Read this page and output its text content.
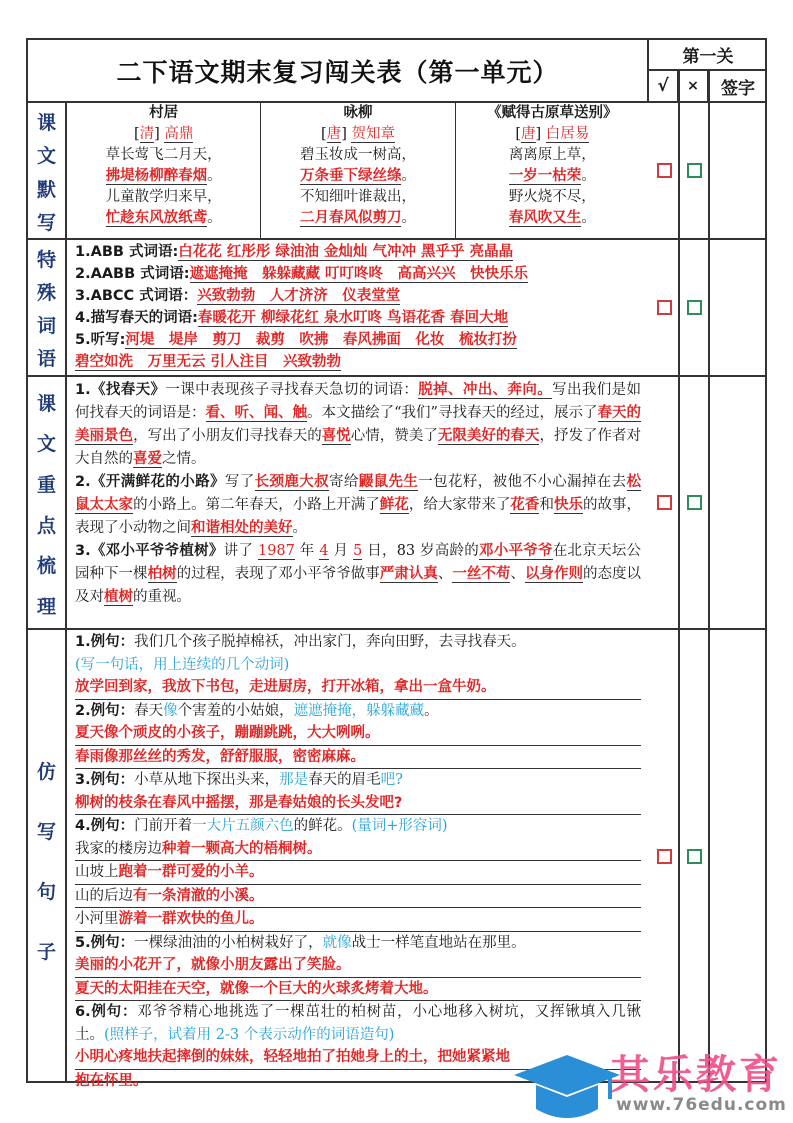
二下语文期末复习闯关表（第一单元）
第一关
√	×	签字
课
文
默
写
村居
[清] 高鼎
草长莺飞二月天，
拂堤杨柳醉春烟。
儿童散学归来早，
忙趁东风放纸鸢。
咏柳
[唐] 贺知章
碧玉妆成一树高，
万条垂下绿丝绦。
不知细叶谁裁出，
二月春风似剪刀。
《赋得古原草送别》
[唐] 白居易
离离原上草，
一岁一枯荣。
野火烧不尽，
春风吹又生。
特
殊
词
语
1.ABB 式词语:白花花 红彤彤 绿油油 金灿灿 气冲冲 黑乎乎 亮晶晶
2.AABB 式词语:遮遮掩掩　躲躲藏藏 叮叮咚咚　高高兴兴　快快乐乐
3.ABCC 式词语：兴致勃勃　人才济济　仪表堂堂
4.描写春天的词语:春暖花开 柳绿花红 泉水叮咚 鸟语花香 春回大地
5.听写:河堤　堤岸　剪刀　裁剪　吹拂　春风拂面　化妆　梳妆打扮
碧空如洗　万里无云 引人注目　兴致勃勃
课
文
重
点
梳
理
1.《找春天》一课中表现孩子寻找春天急切的词语：脱掉、冲出、奔向。写出我们是如何找春天的词语是：看、听、闻、触。本文描绘了“我们”寻找春天的经过，展示了春天的美丽景色，写出了小朋友们寻找春天的喜悦心情，赞美了无限美好的春天，抒发了作者对大自然的喜爱之情。
2.《开满鲜花的小路》写了长颈鹿大叔寄给鼹鼠先生一包花籽，被他不小心漏掉在去松鼠太太家的小路上。第二年春天，小路上开满了鲜花，给大家带来了花香和快乐的故事，表现了小动物之间和谐相处的美好。
3.《邓小平爷爷植树》讲了 1987 年 4 月 5 日，83 岁高龄的邓小平爷爷在北京天坛公园种下一棵柏树的过程，表现了邓小平爷爷做事严肃认真、一丝不苟、以身作则的态度以及对植树的重视。
仿
写
句
子
1.例句：我们几个孩子脱掉棉袄，冲出家门，奔向田野，去寻找春天。
(写一句话，用上连续的几个动词)
放学回到家，我放下书包，走进厨房，打开冰箱，拿出一盒牛奶。
2.例句：春天像个害羞的小姑娘，遮遮掩掩，躲躲藏藏。
夏天像个顽皮的小孩子，蹦蹦跳跳，大大咧咧。
春雨像那丝丝的秀发，舒舒服服，密密麻麻。
3.例句：小草从地下探出头来，那是春天的眉毛吧?
柳树的枝条在春风中摇摆，那是春姑娘的长头发吧?
4.例句：门前开着一大片五颜六色的鲜花。(量词+形容词)
我家的楼房边种着一颗高大的梧桐树。
山坡上跑着一群可爱的小羊。
山的后边有一条清澈的小溪。
小河里游着一群欢快的鱼儿。
5.例句：一棵绿油油的小柏树栽好了，就像战士一样笔直地站在那里。
美丽的小花开了，就像小朋友露出了笑脸。
夏天的太阳挂在天空，就像一个巨大的火球炙烤着大地。
6.例句：邓爷爷精心地挑选了一棵茁壮的柏树苗，小心地移入树坑，又挥锹填入几锹土。(照样子，试着用 2-3 个表示动作的词语造句)
小明心疼地扶起摔倒的妹妹，轻轻地拍了拍她身上的土，把她紧紧地
抱在怀里。	其乐教育
www.76edu.com
